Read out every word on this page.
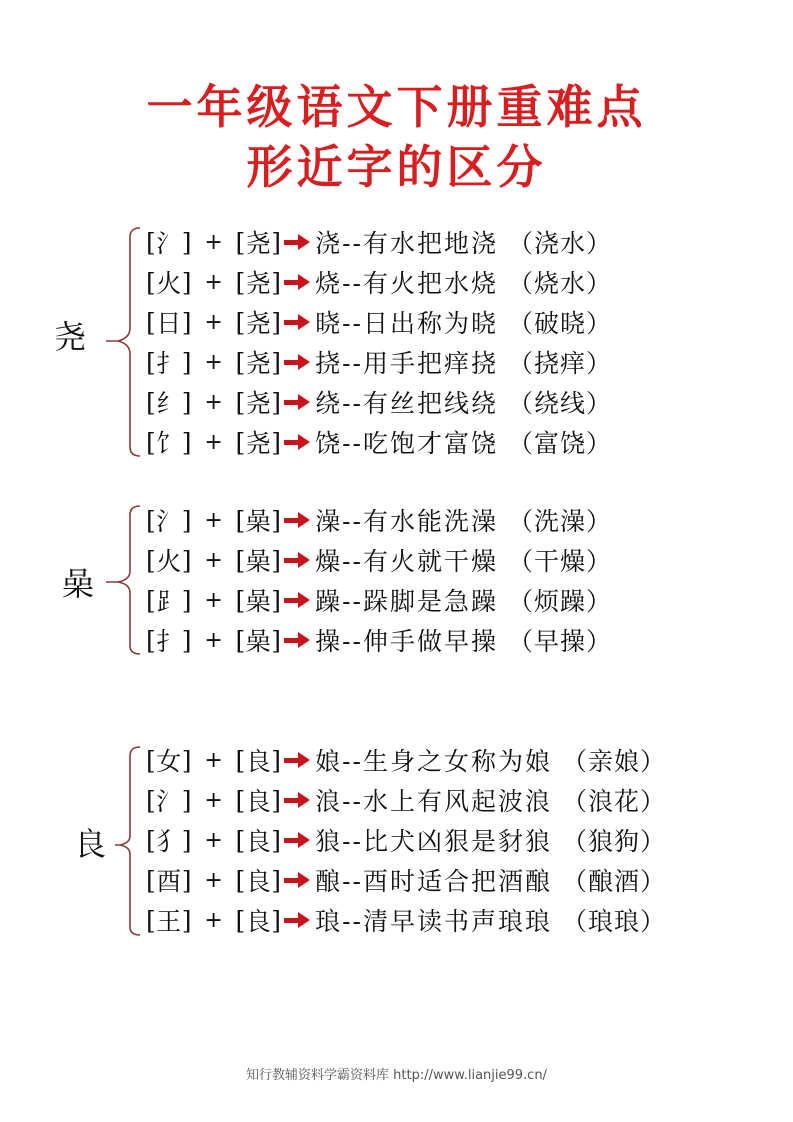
一年级语文下册重难点
形近字的区分
尧
[ 氵 ] + [ 尧 ] 浇 --有水把地浇 （浇水）
[ 火 ] + [ 尧 ] 烧 --有火把水烧 （烧水）
[ 日 ] + [ 尧 ] 晓 --日出称为晓 （破晓）
[ 扌 ] + [ 尧 ] 挠 --用手把痒挠 （挠痒）
[ 纟 ] + [ 尧 ] 绕 --有丝把线绕 （绕线）
[ 饣 ] + [ 尧 ] 饶 --吃饱才富饶 （富饶）
喿
[ 氵 ] + [ 喿 ] 澡 --有水能洗澡 （洗澡）
[ 火 ] + [ 喿 ] 燥 --有火就干燥 （干燥）
[ ⻊ ] + [ 喿 ] 躁 --跺脚是急躁 （烦躁）
[ 扌 ] + [ 喿 ] 操 --伸手做早操 （早操）
良
[ 女 ] + [ 良 ] 娘 --生身之女称为娘 （亲娘）
[ 氵 ] + [ 良 ] 浪 --水上有风起波浪 （浪花）
[ 犭 ] + [ 良 ] 狼 --比犬凶狠是豺狼 （狼狗）
[ 酉 ] + [ 良 ] 酿 --酉时适合把酒酿 （酿酒）
[ 王 ] + [ 良 ] 琅 --清早读书声琅琅 （琅琅）
知行教辅资料学霸资料库 http://www.lianjie99.cn/
